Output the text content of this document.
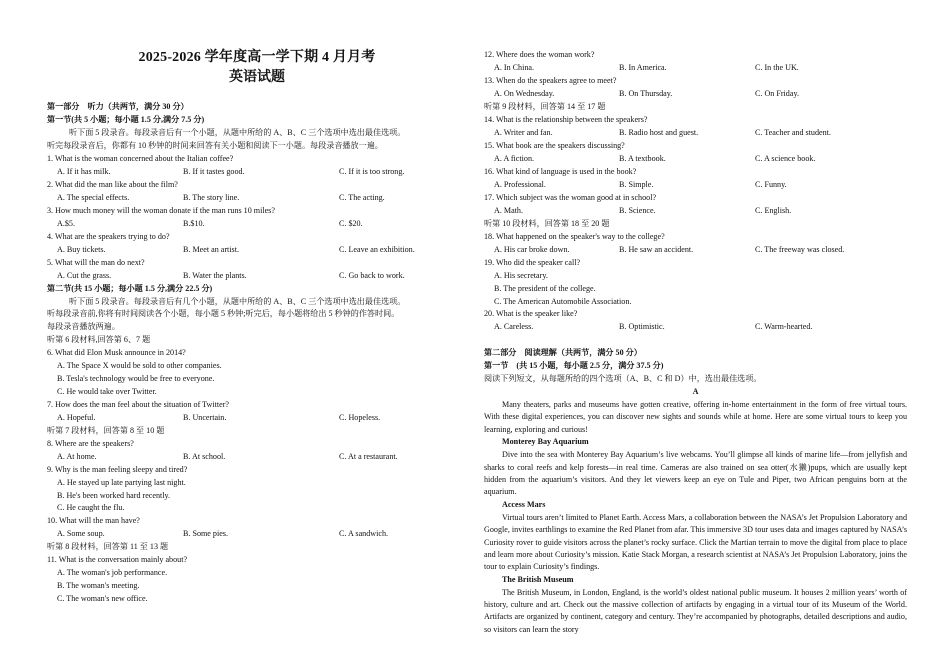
2025-2026 学年度高一学下期 4 月月考
英语试题
第一部分　听力（共两节，满分 30 分）
第一节(共 5 小题；每小题 1.5 分,满分 7.5 分)
听下面 5 段录音。每段录音后有一个小题，从题中所给的 A、B、C 三个选项中选出最佳选项。
听完每段录音后，你都有 10 秒钟的时间来回答有关小题和阅读下一小题。每段录音播放一遍。
1. What is the woman concerned about the Italian coffee?
A. If it has milk.	B. If it tastes good.	C. If it is too strong.
2. What did the man like about the film?
A. The special effects.	B. The story line.	C. The acting.
3. How much money will the woman donate if the man runs 10 miles?
A.$5.	B.$10.	C. $20.
4. What are the speakers trying to do?
A. Buy tickets.	B. Meet an artist.	C. Leave an exhibition.
5. What will the man do next?
A. Cut the grass.	B. Water the plants.	C. Go back to work.
第二节(共 15 小题；每小题 1.5 分,满分 22.5 分)
听下面 5 段录音。每段录音后有几个小题，从题中所给的 A、B、C 三个选项中选出最佳选项。
听每段录音前,你将有时间阅读各个小题，每小题 5 秒钟;听完后，每小题将给出 5 秒钟的作答时间。
每段录音播放两遍。
听第 6 段材料,回答第 6、7 题
6. What did Elon Musk announce in 2014?
A. The Space X would be sold to other companies.
B. Tesla's technology would be free to everyone.
C. He would take over Twitter.
7. How does the man feel about the situation of Twitter?
A. Hopeful.	B. Uncertain.	C. Hopeless.
听第 7 段材料，回答第 8 至 10 题
8. Where are the speakers?
A. At home.	B. At school.	C. At a restaurant.
9. Why is the man feeling sleepy and tired?
A. He stayed up late partying last night.
B. He's been worked hard recently.
C. He caught the flu.
10. What will the man have?
A. Some soup.	B. Some pies.	C. A sandwich.
听第 8 段材料，回答第 11 至 13 题
11. What is the conversation mainly about?
A. The woman's job performance.
B. The woman's meeting.
C. The woman's new office.
12. Where does the woman work?
A. In China.	B. In America.	C. In the UK.
13. When do the speakers agree to meet?
A. On Wednesday.	B. On Thursday.	C. On Friday.
听第 9 段材料，回答第 14 至 17 题
14. What is the relationship between the speakers?
A. Writer and fan.	B. Radio host and guest.	C. Teacher and student.
15. What book are the speakers discussing?
A. A fiction.	B. A textbook.	C. A science book.
16. What kind of language is used in the book?
A. Professional.	B. Simple.	C. Funny.
17. Which subject was the woman good at in school?
A. Math.	B. Science.	C. English.
听第 10 段材料，回答第 18 至 20 题
18. What happened on the speaker's way to the college?
A. His car broke down.	B. He saw an accident.	C. The freeway was closed.
19. Who did the speaker call?
A. His secretary.
B. The president of the college.
C. The American Automobile Association.
20. What is the speaker like?
A. Careless.	B. Optimistic.	C. Warm-hearted.
第二部分　阅读理解（共两节，满分 50 分）
第一节　(共 15 小题，每小题 2.5 分，满分 37.5 分)
阅读下列短文，从每题所给的四个选项（A、B、C 和 D）中，选出最佳选项。
A
Many theaters, parks and museums have gotten creative, offering in-home entertainment in the form of free virtual tours. With these digital experiences, you can discover new sights and sounds while at home. Here are some virtual tours to keep you learning, exploring and curious!
Monterey Bay Aquarium
Dive into the sea with Monterey Bay Aquarium’s live webcams. You’ll glimpse all kinds of marine life—from jellyfish and sharks to coral reefs and kelp forests—in real time. Cameras are also trained on sea otter(水獭)pups, which are usually kept hidden from the aquarium’s visitors. And they let viewers keep an eye on Tule and Piper, two African penguins born at the aquarium.
Access Mars
Virtual tours aren’t limited to Planet Earth. Access Mars, a collaboration between the NASA’s Jet Propulsion Laboratory and Google, invites earthlings to examine the Red Planet from afar. This immersive 3D tour uses data and images captured by NASA’s Curiosity rover to guide visitors across the planet’s rocky surface. Click the Martian terrain to move the digital from place to place and learn more about Curiosity’s mission. Katie Stack Morgan, a research scientist at NASA’s Jet Propulsion Laboratory, joins the tour to explain Curiosity’s findings.
The British Museum
The British Museum, in London, England, is the world’s oldest national public museum. It houses 2 million years’ worth of history, culture and art. Check out the massive collection of artifacts by engaging in a virtual tour of its Museum of the World. Artifacts are organized by continent, category and century. They’re accompanied by photographs, detailed descriptions and audio, so visitors can learn the story
